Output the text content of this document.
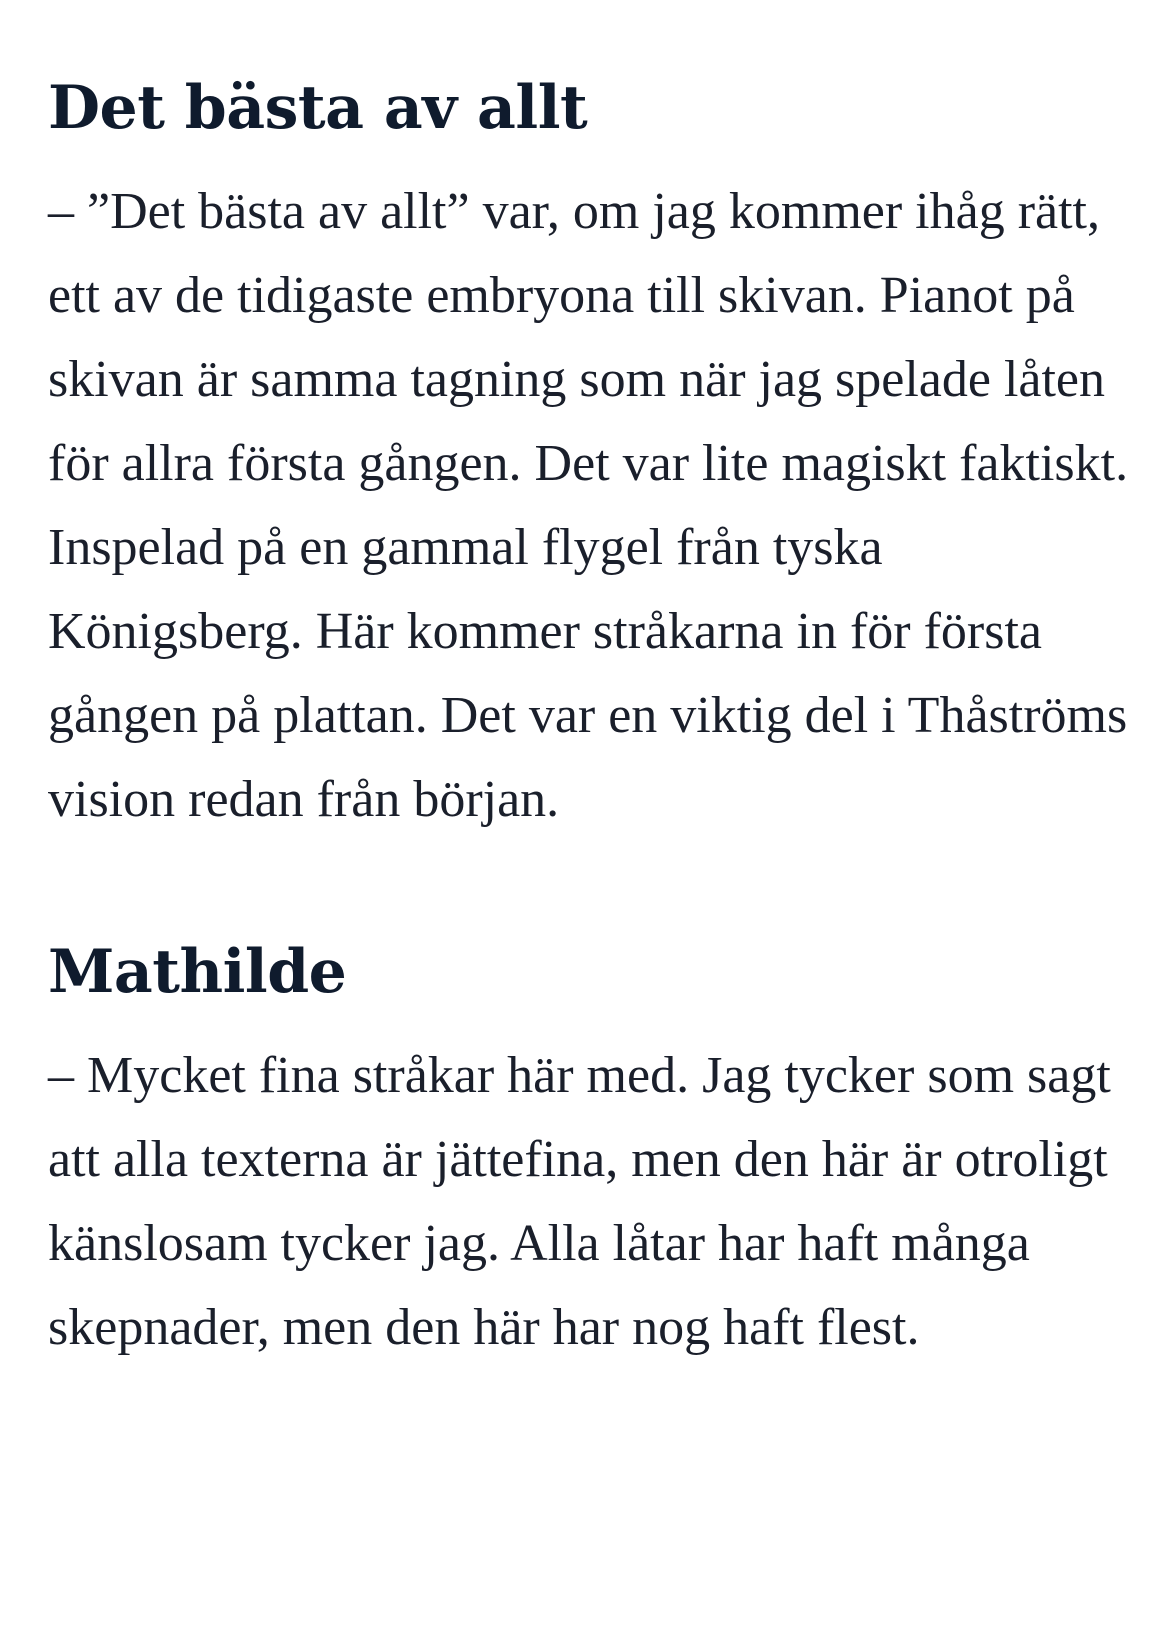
Det bästa av allt

– ”Det bästa av allt” var, om jag kommer ihåg rätt, ett av de tidigaste embryona till skivan. Pianot på skivan är samma tagning som när jag spelade låten för allra första gången. Det var lite magiskt faktiskt. Inspelad på en gammal flygel från tyska Königsberg. Här kommer stråkarna in för första gången på plattan. Det var en viktig del i Thåströms vision redan från början.

Mathilde

– Mycket fina stråkar här med. Jag tycker som sagt att alla texterna är jättefina, men den här är otroligt känslosam tycker jag. Alla låtar har haft många skepnader, men den här har nog haft flest.
